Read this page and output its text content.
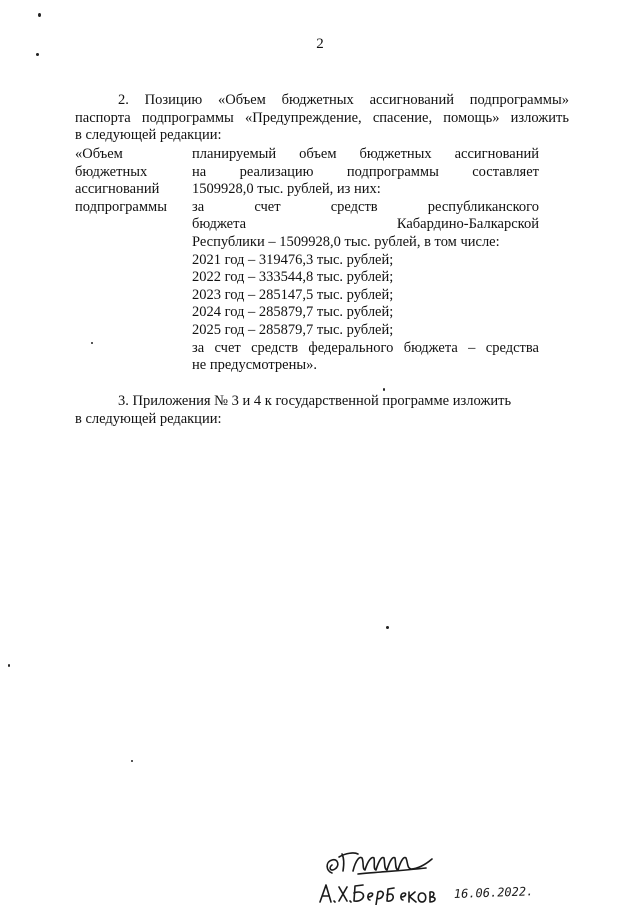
2
2. Позицию «Объем бюджетных ассигнований подпрограммы»
паспорта подпрограммы «Предупреждение, спасение, помощь» изложить
в следующей редакции:
«Объем
бюджетных
ассигнований
подпрограммы
планируемый объем бюджетных ассигнований
на реализацию подпрограммы составляет
1509928,0 тыс. рублей, из них:
за	счет	средств	республиканского
бюджета	Кабардино-Балкарской
Республики – 1509928,0 тыс. рублей, в том числе:
2021 год – 319476,3 тыс. рублей;
2022 год – 333544,8 тыс. рублей;
2023 год – 285147,5 тыс. рублей;
2024 год – 285879,7 тыс. рублей;
2025 год – 285879,7 тыс. рублей;
за счет средств федерального бюджета – средства
не предусмотрены».
3. Приложения № 3 и 4 к государственной программе изложить
в следующей редакции:
16.06.2022.
